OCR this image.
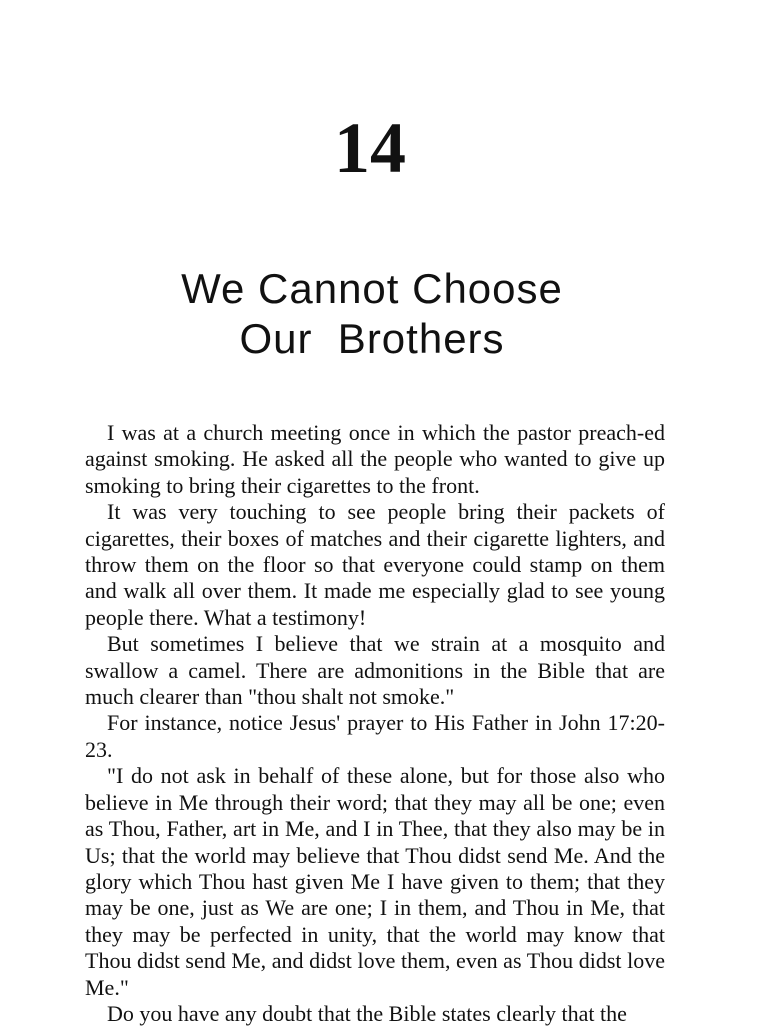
14
We Cannot Choose
Our  Brothers

I was at a church meeting once in which the pastor preach-ed against smoking. He asked all the people who wanted to give up smoking to bring their cigarettes to the front.

It was very touching to see people bring their packets of cigarettes, their boxes of matches and their cigarette lighters, and throw them on the floor so that everyone could stamp on them and walk all over them. It made me especially glad to see young people there. What a testimony!

But sometimes I believe that we strain at a mosquito and swallow a camel. There are admonitions in the Bible that are much clearer than "thou shalt not smoke."

For instance, notice Jesus' prayer to His Father in John 17:20-23.

"I do not ask in behalf of these alone, but for those also who believe in Me through their word; that they may all be one; even as Thou, Father, art in Me, and I in Thee, that they also may be in Us; that the world may believe that Thou didst send Me. And the glory which Thou hast given Me I have given to them; that they may be one, just as We are one; I in them, and Thou in Me, that they may be perfected in unity, that the world may know that Thou didst send Me, and didst love them, even as Thou didst love Me."

Do you have any doubt that the Bible states clearly that the
